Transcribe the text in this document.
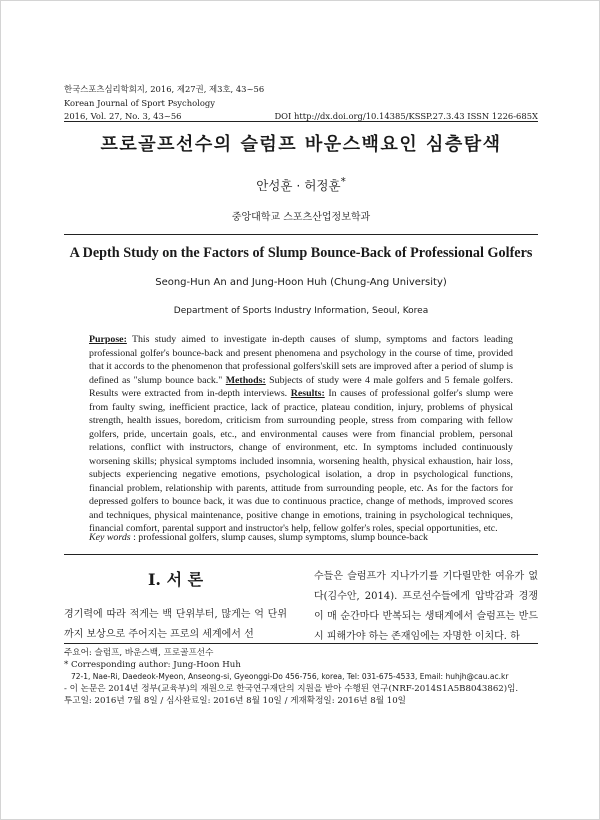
한국스포츠심리학회지, 2016, 제27권, 제3호, 43~56
Korean Journal of Sport Psychology
2016, Vol. 27, No. 3, 43~56	DOI http://dx.doi.org/10.14385/KSSP.27.3.43 ISSN 1226-685X
프로골프선수의 슬럼프 바운스백요인 심층탐색
안성훈 · 허정훈*
중앙대학교 스포츠산업정보학과
A Depth Study on the Factors of Slump Bounce-Back of Professional Golfers
Seong-Hun An and Jung-Hoon Huh (Chung-Ang University)
Department of Sports Industry Information, Seoul, Korea
Purpose: This study aimed to investigate in-depth causes of slump, symptoms and factors leading professional golfer's bounce-back and present phenomena and psychology in the course of time, provided that it accords to the phenomenon that professional golfers'skill sets are improved after a period of slump is defined as "slump bounce back." Methods: Subjects of study were 4 male golfers and 5 female golfers. Results were extracted from in-depth interviews. Results: In causes of professional golfer's slump were from faulty swing, inefficient practice, lack of practice, plateau condition, injury, problems of physical strength, health issues, boredom, criticism from surrounding people, stress from comparing with fellow golfers, pride, uncertain goals, etc., and environmental causes were from financial problem, personal relations, conflict with instructors, change of environment, etc. In symptoms included continuously worsening skills; physical symptoms included insomnia, worsening health, physical exhaustion, hair loss, subjects experiencing negative emotions, psychological isolation, a drop in psychological functions, financial problem, relationship with parents, attitude from surrounding people, etc. As for the factors for depressed golfers to bounce back, it was due to continuous practice, change of methods, improved scores and techniques, physical maintenance, positive change in emotions, training in psychological techniques, financial comfort, parental support and instructor's help, fellow golfer's roles, special opportunities, etc.
Key words : professional golfers, slump causes, slump symptoms, slump bounce-back
I. 서 론
경기력에 따라 적게는 백 단위부터, 많게는 억 단위까지 보상으로 주어지는 프로의 세계에서 선
수들은 슬럼프가 지나가기를 기다릴만한 여유가 없다(김수안, 2014). 프로선수들에게 압박감과 경쟁이 매 순간마다 반복되는 생태계에서 슬럼프는 반드시 피해가야 하는 존재임에는 자명한 이치다. 하
주요어: 슬럼프, 바운스백, 프로골프선수
* Corresponding author: Jung-Hoon Huh
72-1, Nae-Ri, Daedeok-Myeon, Anseong-si, Gyeonggi-Do 456-756, korea, Tel: 031-675-4533, Email: huhjh@cau.ac.kr
- 이 논문은 2014년 정부(교육부)의 재원으로 한국연구재단의 지원을 받아 수행된 연구(NRF-2014S1A5B8043862)임.
투고일: 2016년 7월 8일 / 심사완료일: 2016년 8월 10일 / 게재확정일: 2016년 8월 10일
